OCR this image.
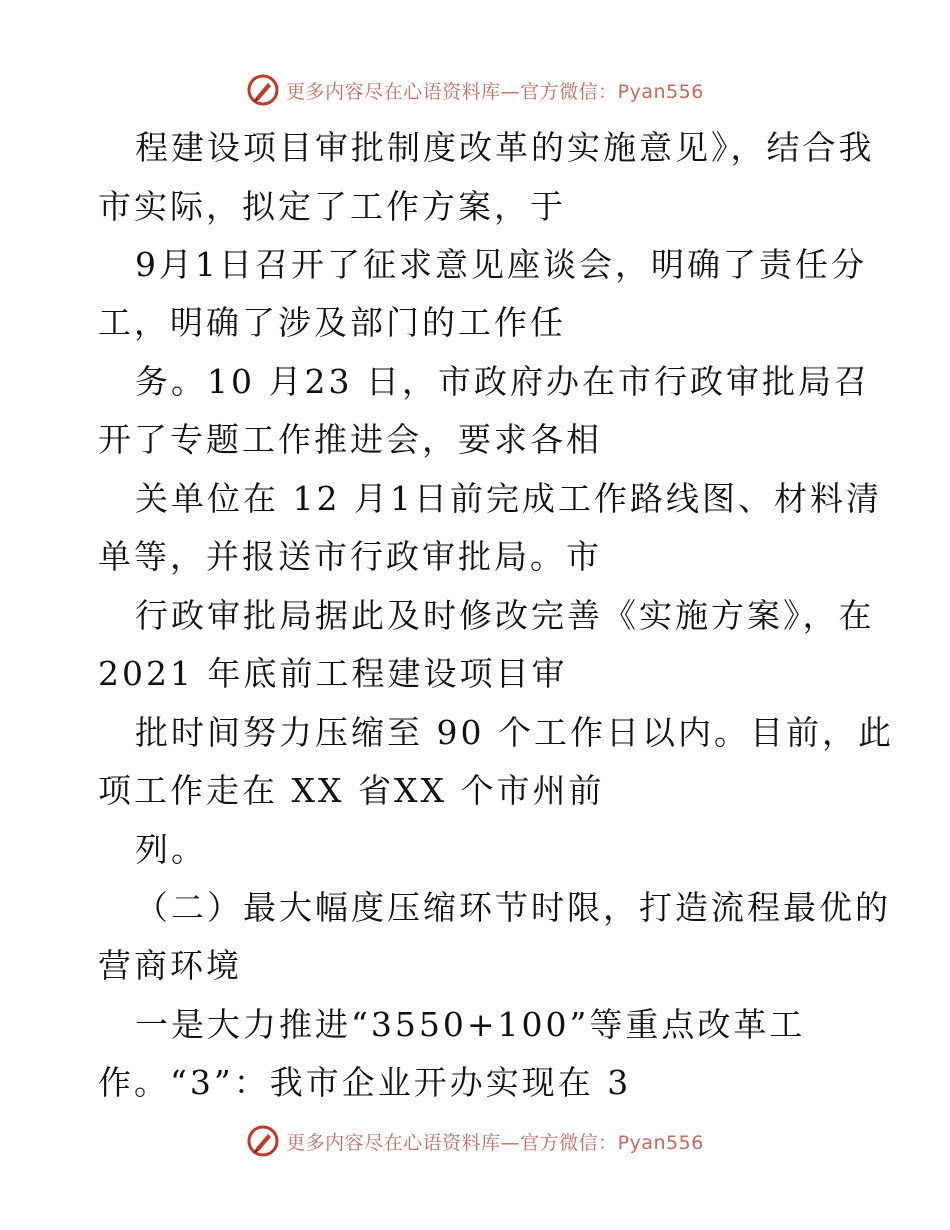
更多内容尽在心语资料库—官方微信：Pyan556
程建设项目审批制度改革的实施意见》，结合我
市实际，拟定了工作方案，于
9月1日召开了征求意见座谈会，明确了责任分
工，明确了涉及部门的工作任
务。10 月23 日，市政府办在市行政审批局召
开了专题工作推进会，要求各相
关单位在 12 月1日前完成工作路线图、材料清
单等，并报送市行政审批局。市
行政审批局据此及时修改完善《实施方案》，在
2021 年底前工程建设项目审
批时间努力压缩至 90 个工作日以内。目前，此
项工作走在 XX 省XX 个市州前
列。
（二）最大幅度压缩环节时限，打造流程最优的
营商环境
一是大力推进“3550+100”等重点改革工
作。“3”：我市企业开办实现在 3
更多内容尽在心语资料库—官方微信：Pyan556
